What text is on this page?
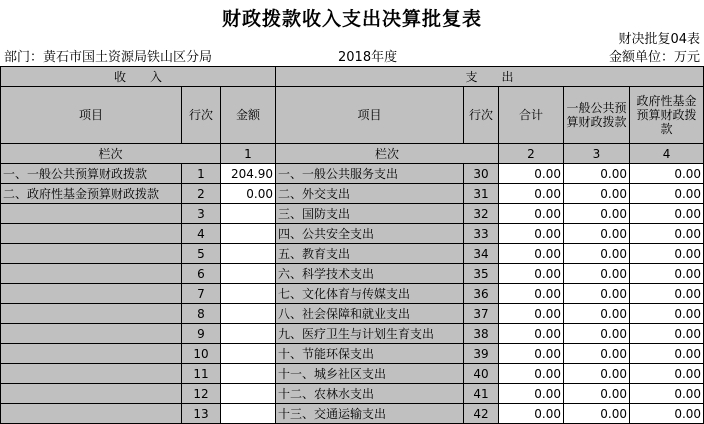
财政拨款收入支出决算批复表
财决批复04表
部门：黄石市国土资源局铁山区分局	2018年度	金额单位：万元
收　　入			支　　出				
项目	行次	金额	项目	行次	合计	一般公共预算财政拨款	政府性基金预算财政拨款
栏次		1	栏次		2	3	4
一、一般公共预算财政拨款	1	204.90	一、一般公共服务支出	30	0.00	0.00	0.00
二、政府性基金预算财政拨款	2	0.00	二、外交支出	31	0.00	0.00	0.00
	3		三、国防支出	32	0.00	0.00	0.00
	4		四、公共安全支出	33	0.00	0.00	0.00
	5		五、教育支出	34	0.00	0.00	0.00
	6		六、科学技术支出	35	0.00	0.00	0.00
	7		七、文化体育与传媒支出	36	0.00	0.00	0.00
	8		八、社会保障和就业支出	37	0.00	0.00	0.00
	9		九、医疗卫生与计划生育支出	38	0.00	0.00	0.00
	10		十、节能环保支出	39	0.00	0.00	0.00
	11		十一、城乡社区支出	40	0.00	0.00	0.00
	12		十二、农林水支出	41	0.00	0.00	0.00
	13		十三、交通运输支出	42	0.00	0.00	0.00
